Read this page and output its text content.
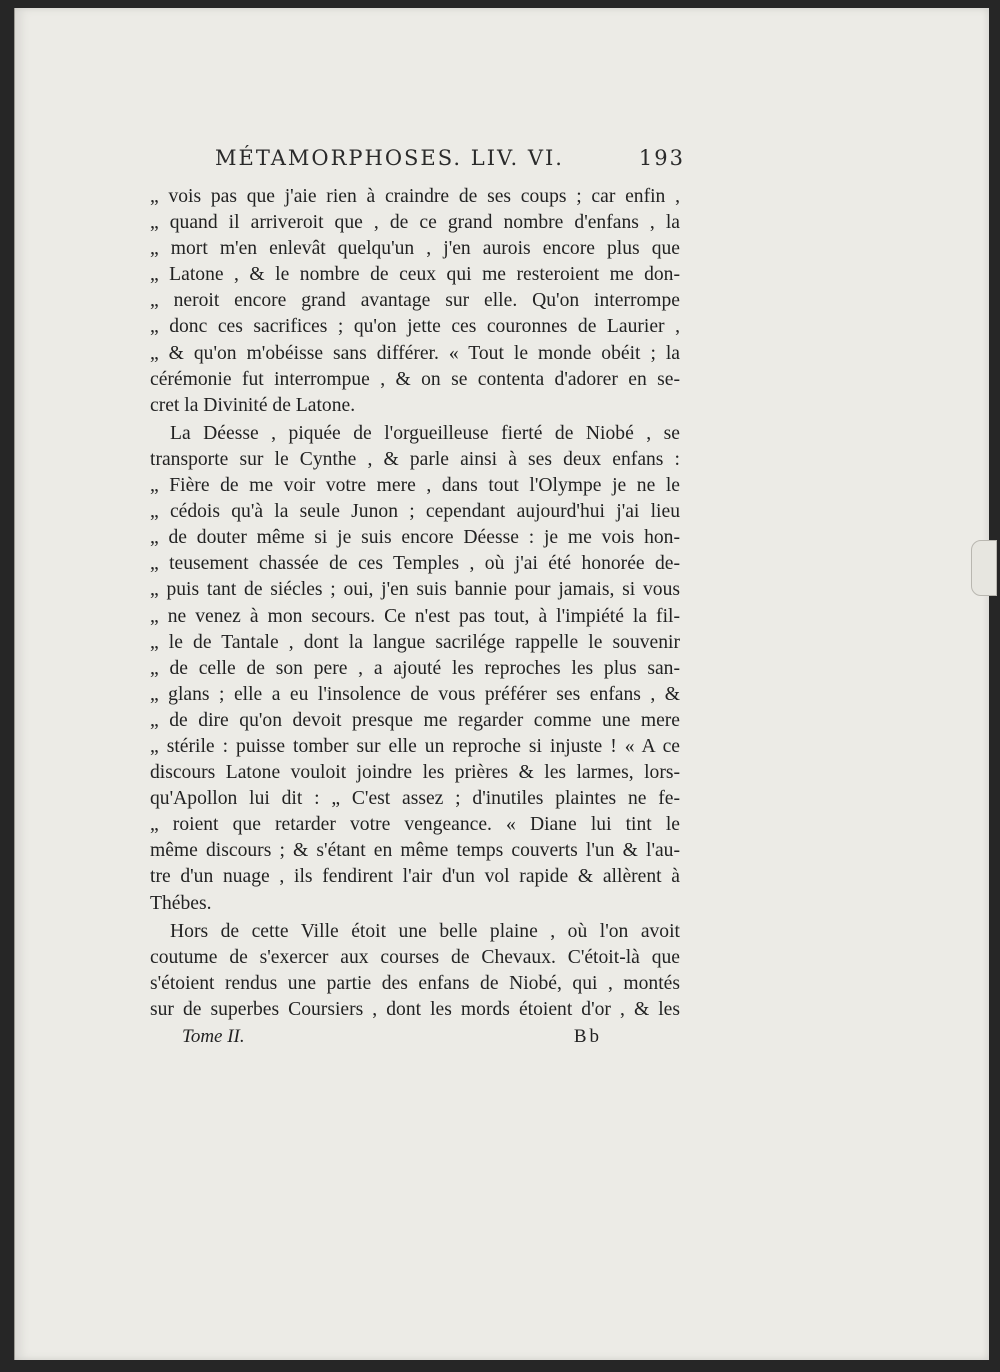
MÉTAMORPHOSES. LIV. VI.	193

„ vois pas que j'aie rien à craindre de ses coups ; car enfin ,
„ quand il arriveroit que , de ce grand nombre d'enfans , la
„ mort m'en enlevât quelqu'un , j'en aurois encore plus que
„ Latone , & le nombre de ceux qui me resteroient me don-
„ neroit encore grand avantage sur elle. Qu'on interrompe
„ donc ces sacrifices ; qu'on jette ces couronnes de Laurier ,
„ & qu'on m'obéisse sans différer. « Tout le monde obéit ; la
cérémonie fut interrompue , & on se contenta d'adorer en se-
cret la Divinité de Latone.

La Déesse , piquée de l'orgueilleuse fierté de Niobé , se
transporte sur le Cynthe , & parle ainsi à ses deux enfans :
„ Fière de me voir votre mere , dans tout l'Olympe je ne le
„ cédois qu'à la seule Junon ; cependant aujourd'hui j'ai lieu
„ de douter même si je suis encore Déesse : je me vois hon-
„ teusement chassée de ces Temples , où j'ai été honorée de-
„ puis tant de siécles ; oui, j'en suis bannie pour jamais, si vous
„ ne venez à mon secours. Ce n'est pas tout, à l'impiété la fil-
„ le de Tantale , dont la langue sacrilége rappelle le souvenir
„ de celle de son pere , a ajouté les reproches les plus san-
„ glans ; elle a eu l'insolence de vous préférer ses enfans , &
„ de dire qu'on devoit presque me regarder comme une mere
„ stérile : puisse tomber sur elle un reproche si injuste ! « A ce
discours Latone vouloit joindre les prières & les larmes, lors-
qu'Apollon lui dit : „ C'est assez ; d'inutiles plaintes ne fe-
„ roient que retarder votre vengeance. « Diane lui tint le
même discours ; & s'étant en même temps couverts l'un & l'au-
tre d'un nuage , ils fendirent l'air d'un vol rapide & allèrent à
Thébes.

Hors de cette Ville étoit une belle plaine , où l'on avoit
coutume de s'exercer aux courses de Chevaux. C'étoit-là que
s'étoient rendus une partie des enfans de Niobé, qui , montés
sur de superbes Coursiers , dont les mords étoient d'or , & les

Tome II.	Bb
